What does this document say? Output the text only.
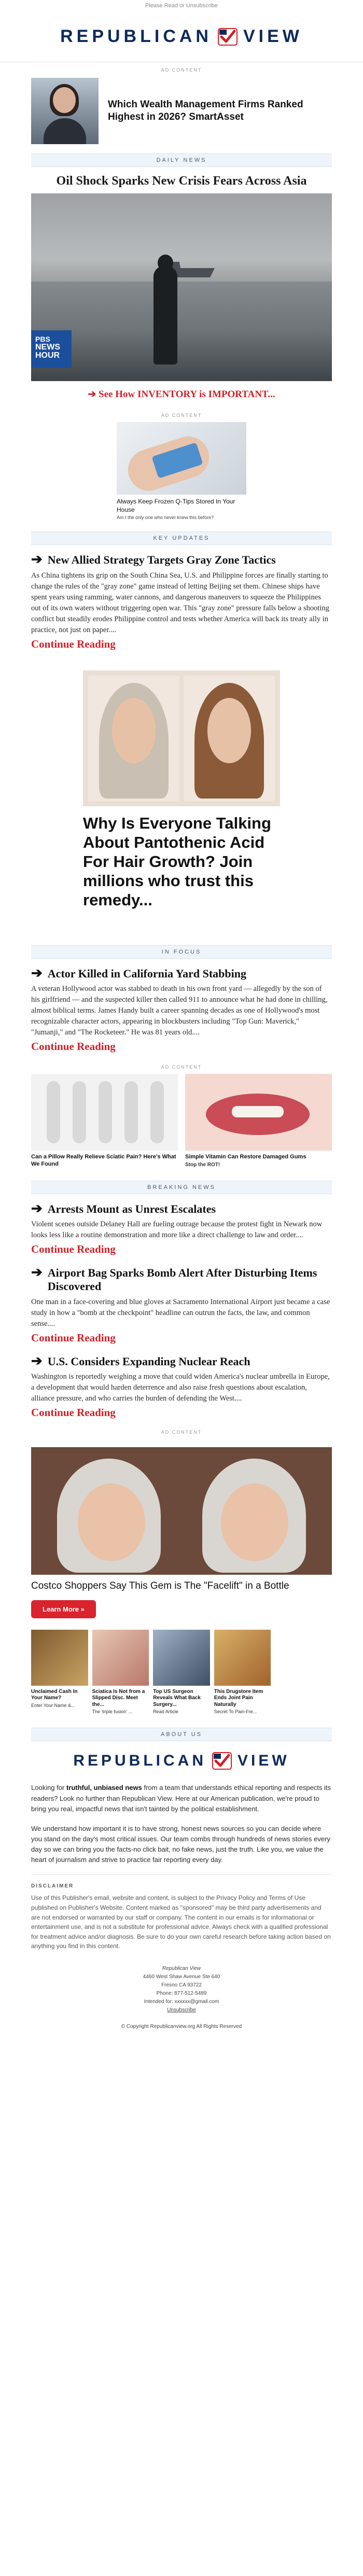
Please Read or Unsubscribe
REPUBLICAN VIEW
AD CONTENT
Which Wealth Management Firms Ranked Highest in 2026? SmartAsset
DAILY NEWS
Oil Shock Sparks New Crisis Fears Across Asia
PBS
NEWS HOUR
➔ See How INVENTORY is IMPORTANT...
AD CONTENT
Always Keep Frozen Q-Tips Stored In Your House
Am I the only one who never knew this before?
KEY UPDATES
➔ New Allied Strategy Targets Gray Zone Tactics
As China tightens its grip on the South China Sea, U.S. and Philippine forces are finally starting to change the rules of the "gray zone" game instead of letting Beijing set them. Chinese ships have spent years using ramming, water cannons, and dangerous maneuvers to squeeze the Philippines out of its own waters without triggering open war. This "gray zone" pressure falls below a shooting conflict but steadily erodes Philippine control and tests whether America will back its treaty ally in practice, not just on paper....
Continue Reading
Why Is Everyone Talking About Pantothenic Acid For Hair Growth? Join millions who trust this remedy...
IN FOCUS
➔ Actor Killed in California Yard Stabbing
A veteran Hollywood actor was stabbed to death in his own front yard — allegedly by the son of his girlfriend — and the suspected killer then called 911 to announce what he had done in chilling, almost biblical terms. James Handy built a career spanning decades as one of Hollywood's most recognizable character actors, appearing in blockbusters including "Top Gun: Maverick," "Jumanji," and "The Rocketeer." He was 81 years old....
Continue Reading
AD CONTENT
Can a Pillow Really Relieve Sciatic Pain? Here's What We Found
Simple Vitamin Can Restore Damaged Gums
Stop the ROT!
BREAKING NEWS
➔ Arrests Mount as Unrest Escalates
Violent scenes outside Delaney Hall are fueling outrage because the protest fight in Newark now looks less like a routine demonstration and more like a direct challenge to law and order....
Continue Reading
➔ Airport Bag Sparks Bomb Alert After Disturbing Items Discovered
One man in a face-covering and blue gloves at Sacramento International Airport just became a case study in how a "bomb at the checkpoint" headline can outrun the facts, the law, and common sense....
Continue Reading
➔ U.S. Considers Expanding Nuclear Reach
Washington is reportedly weighing a move that could widen America's nuclear umbrella in Europe, a development that would harden deterrence and also raise fresh questions about escalation, alliance pressure, and who carries the burden of defending the West....
Continue Reading
AD CONTENT
Costco Shoppers Say This Gem is The "Facelift" in a Bottle
Learn More »
Unclaimed Cash In Your Name?
Enter Your Name &...
Sciatica Is Not from a Slipped Disc. Meet the...
The 'triple fusion' ...
Top US Surgeon Reveals What Back Surgery...
Read Article
This Drugstore Item Ends Joint Pain Naturally
Secret To Pain-Fre...
ABOUT US
REPUBLICAN VIEW

Looking for truthful, unbiased news from a team that understands ethical reporting and respects its readers? Look no further than Republican View. Here at our American publication, we're proud to bring you real, impactful news that isn't tainted by the political establishment.

We understand how important it is to have strong, honest news sources so you can decide where you stand on the day's most critical issues. Our team combs through hundreds of news stories every day so we can bring you the facts-no click bait, no fake news, just the truth. Like you, we value the heart of journalism and strive to practice fair reporting every day.

DISCLAIMER
Use of this Publisher's email, website and content, is subject to the Privacy Policy and Terms of Use published on Publisher's Website. Content marked as "sponsored" may be third party advertisements and are not endorsed or warranted by our staff or company. The content in our emails is for informational or entertainment use, and is not a substitute for professional advice. Always check with a qualified professional for treatment advice and/or diagnosis. Be sure to do your own careful research before taking action based on anything you find in this content.
Republican View
4460 West Shaw Avenue Ste 640
Fresno CA 93722
Phone: 877-512-5489
Intended for: xxxxxx@gmail.com
Unsubscribe
© Copyright Republicanview.org All Rights Reserved
